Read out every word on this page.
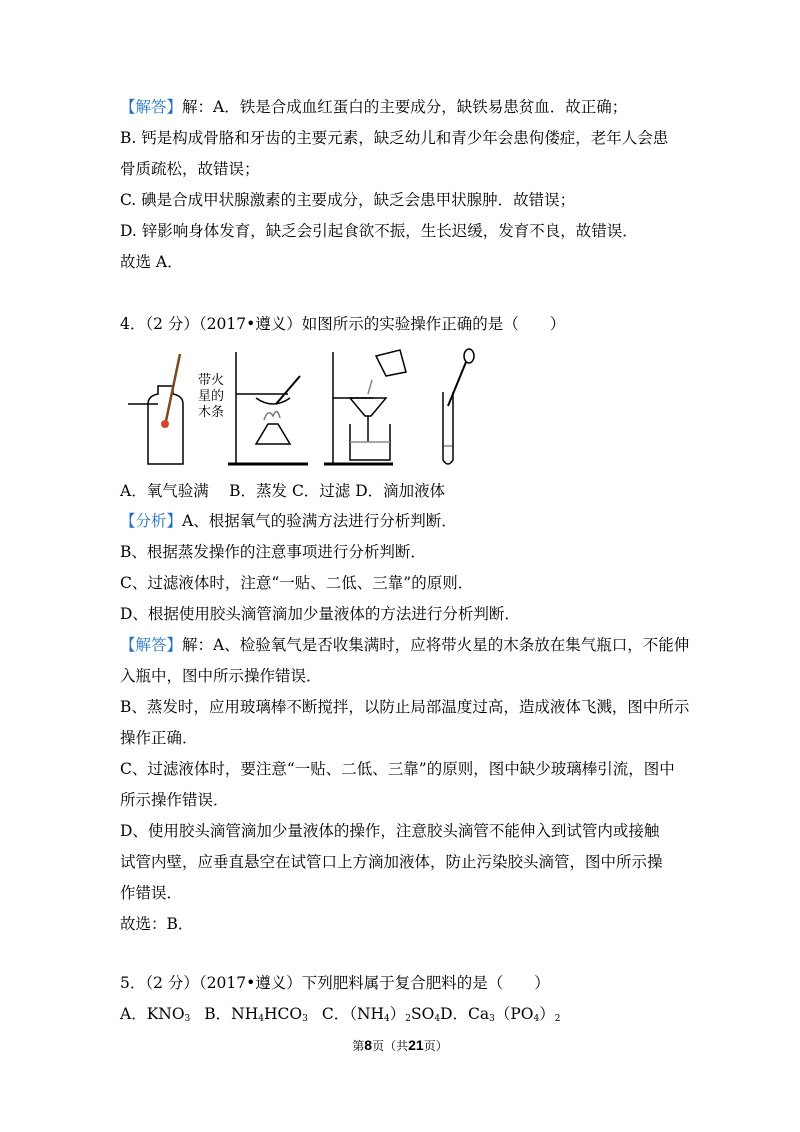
【解答】解：A．铁是合成血红蛋白的主要成分，缺铁易患贫血．故正确；
B. 钙是构成骨胳和牙齿的主要元素，缺乏幼儿和青少年会患佝偻症，老年人会患
骨质疏松，故错误；
C. 碘是合成甲状腺激素的主要成分，缺乏会患甲状腺肿．故错误；
D. 锌影响身体发育，缺乏会引起食欲不振，生长迟缓，发育不良，故错误．
故选 A．
4．（2 分）（2017•遵义）如图所示的实验操作正确的是（　　）
带火
星的
木条
A．氧气验满　 B．蒸发 C．过滤 D．滴加液体
【分析】A、根据氧气的验满方法进行分析判断．
B、根据蒸发操作的注意事项进行分析判断．
C、过滤液体时，注意“一贴、二低、三靠”的原则．
D、根据使用胶头滴管滴加少量液体的方法进行分析判断．
【解答】解：A、检验氧气是否收集满时，应将带火星的木条放在集气瓶口，不能伸
入瓶中，图中所示操作错误．
B、蒸发时，应用玻璃棒不断搅拌，以防止局部温度过高，造成液体飞溅，图中所示
操作正确．
C、过滤液体时，要注意“一贴、二低、三靠”的原则，图中缺少玻璃棒引流，图中
所示操作错误．
D、使用胶头滴管滴加少量液体的操作，注意胶头滴管不能伸入到试管内或接触
试管内壁，应垂直悬空在试管口上方滴加液体，防止污染胶头滴管，图中所示操
作错误．
故选：B．
5．（2 分）（2017•遵义）下列肥料属于复合肥料的是（　　）
A．$KNO_3$ B．$NH_4HCO_3$ C．$(NH_4)_2SO_4D$．$Ca_3(PO_4)_2$
第8页（共21页）
